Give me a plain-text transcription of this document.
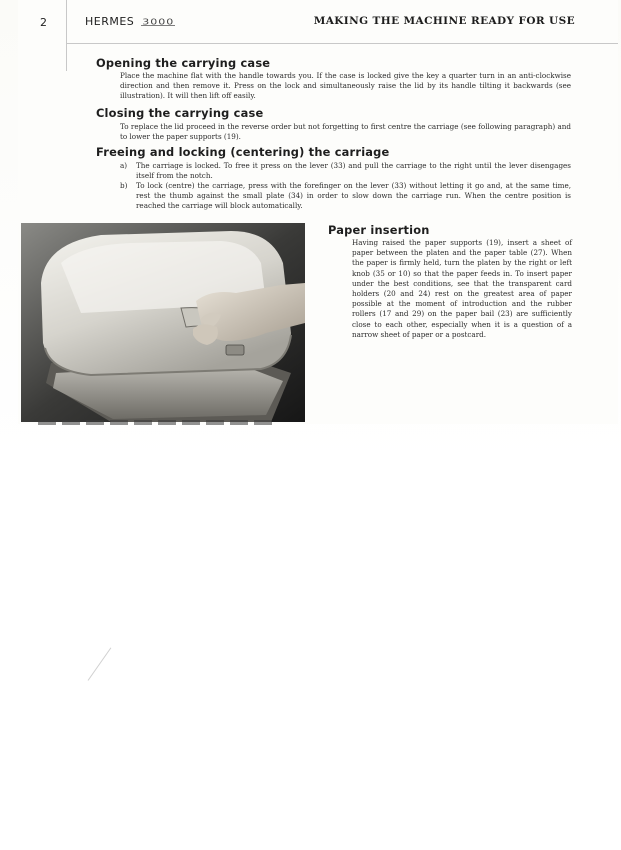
2	HERMES 3000	MAKING THE MACHINE READY FOR USE
Opening the carrying case

Place the machine flat with the handle towards you. If the case is locked give the key a quarter turn in an anti-clockwise direction and then remove it. Press on the lock and simultaneously raise the lid by its handle tilting it backwards (see illustration). It will then lift off easily.

Closing the carrying case

To replace the lid proceed in the reverse order but not forgetting to first centre the carriage (see following paragraph) and to lower the paper supports (19).

Freeing and locking (centering) the carriage
a) The carriage is locked. To free it press on the lever (33) and pull the carriage to the right until the lever disengages itself from the notch.
b) To lock (centre) the carriage, press with the forefinger on the lever (33) without letting it go and, at the same time, rest the thumb against the small plate (34) in order to slow down the carriage run. When the centre position is reached the carriage will block automatically.
Paper insertion

Having raised the paper supports (19), insert a sheet of paper between the platen and the paper table (27). When the paper is firmly held, turn the platen by the right or left knob (35 or 10) so that the paper feeds in. To insert paper under the best conditions, see that the transparent card holders (20 and 24) rest on the greatest area of paper possible at the moment of introduction and the rubber rollers (17 and 29) on the paper bail (23) are sufficiently close to each other, especially when it is a question of a narrow sheet of paper or a postcard.
